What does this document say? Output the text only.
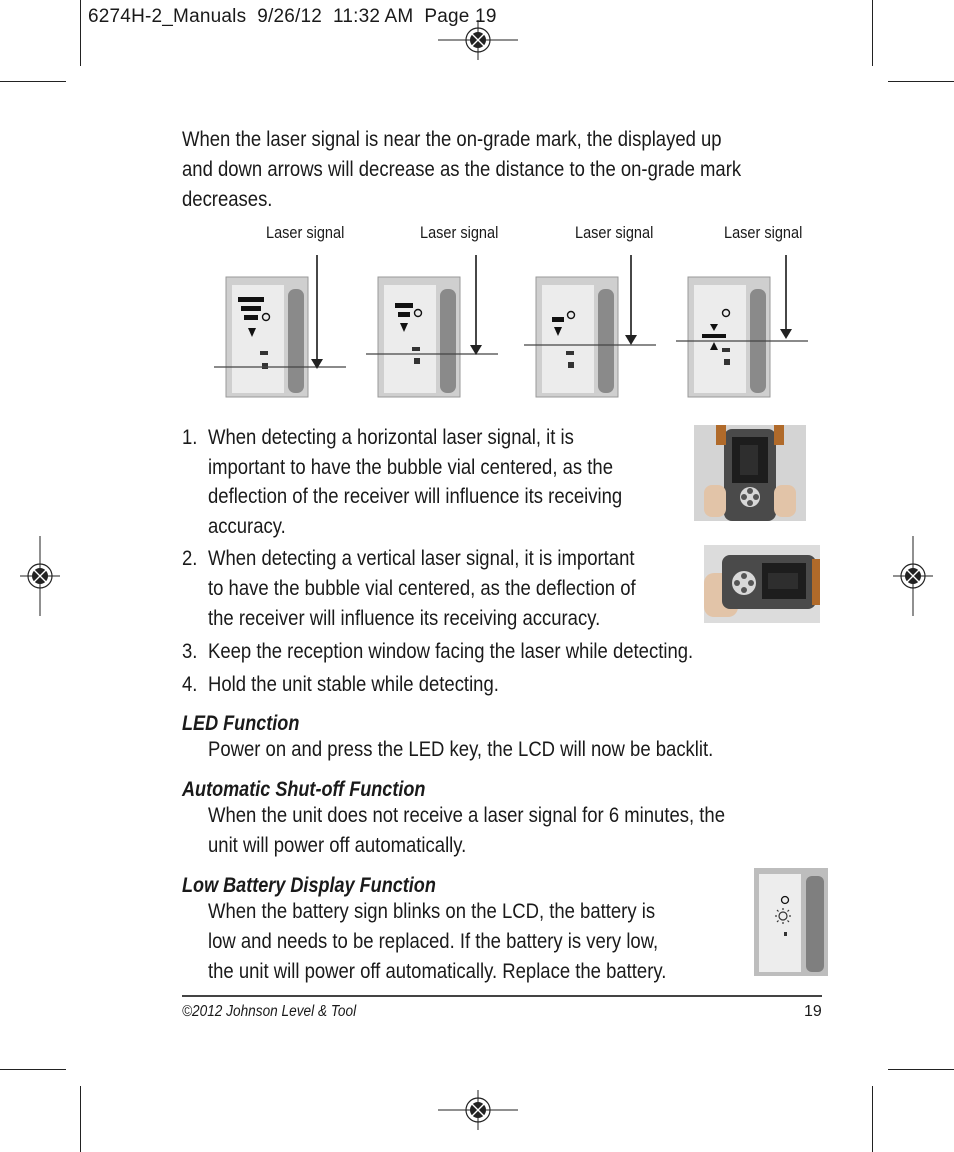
6274H-2_Manuals  9/26/12  11:32 AM  Page 19
When the laser signal is near the on-grade mark, the displayed up
and down arrows will decrease as the distance to the on-grade mark
decreases.
Laser signal	Laser signal	Laser signal	Laser signal
1. When detecting a horizontal laser signal, it is
important to have the bubble vial centered, as the
deflection of the receiver will influence its receiving
accuracy.
2. When detecting a vertical laser signal, it is important
to have the bubble vial centered, as the deflection of
the receiver will influence its receiving accuracy.
3. Keep the reception window facing the laser while detecting.
4. Hold the unit stable while detecting.
LED Function
Power on and press the LED key, the LCD will now be backlit.
Automatic Shut-off Function
When the unit does not receive a laser signal for 6 minutes, the
unit will power off automatically.
Low Battery Display Function
When the battery sign blinks on the LCD, the battery is
low and needs to be replaced. If the battery is very low,
the unit will power off automatically. Replace the battery.
©2012 Johnson Level & Tool	19
